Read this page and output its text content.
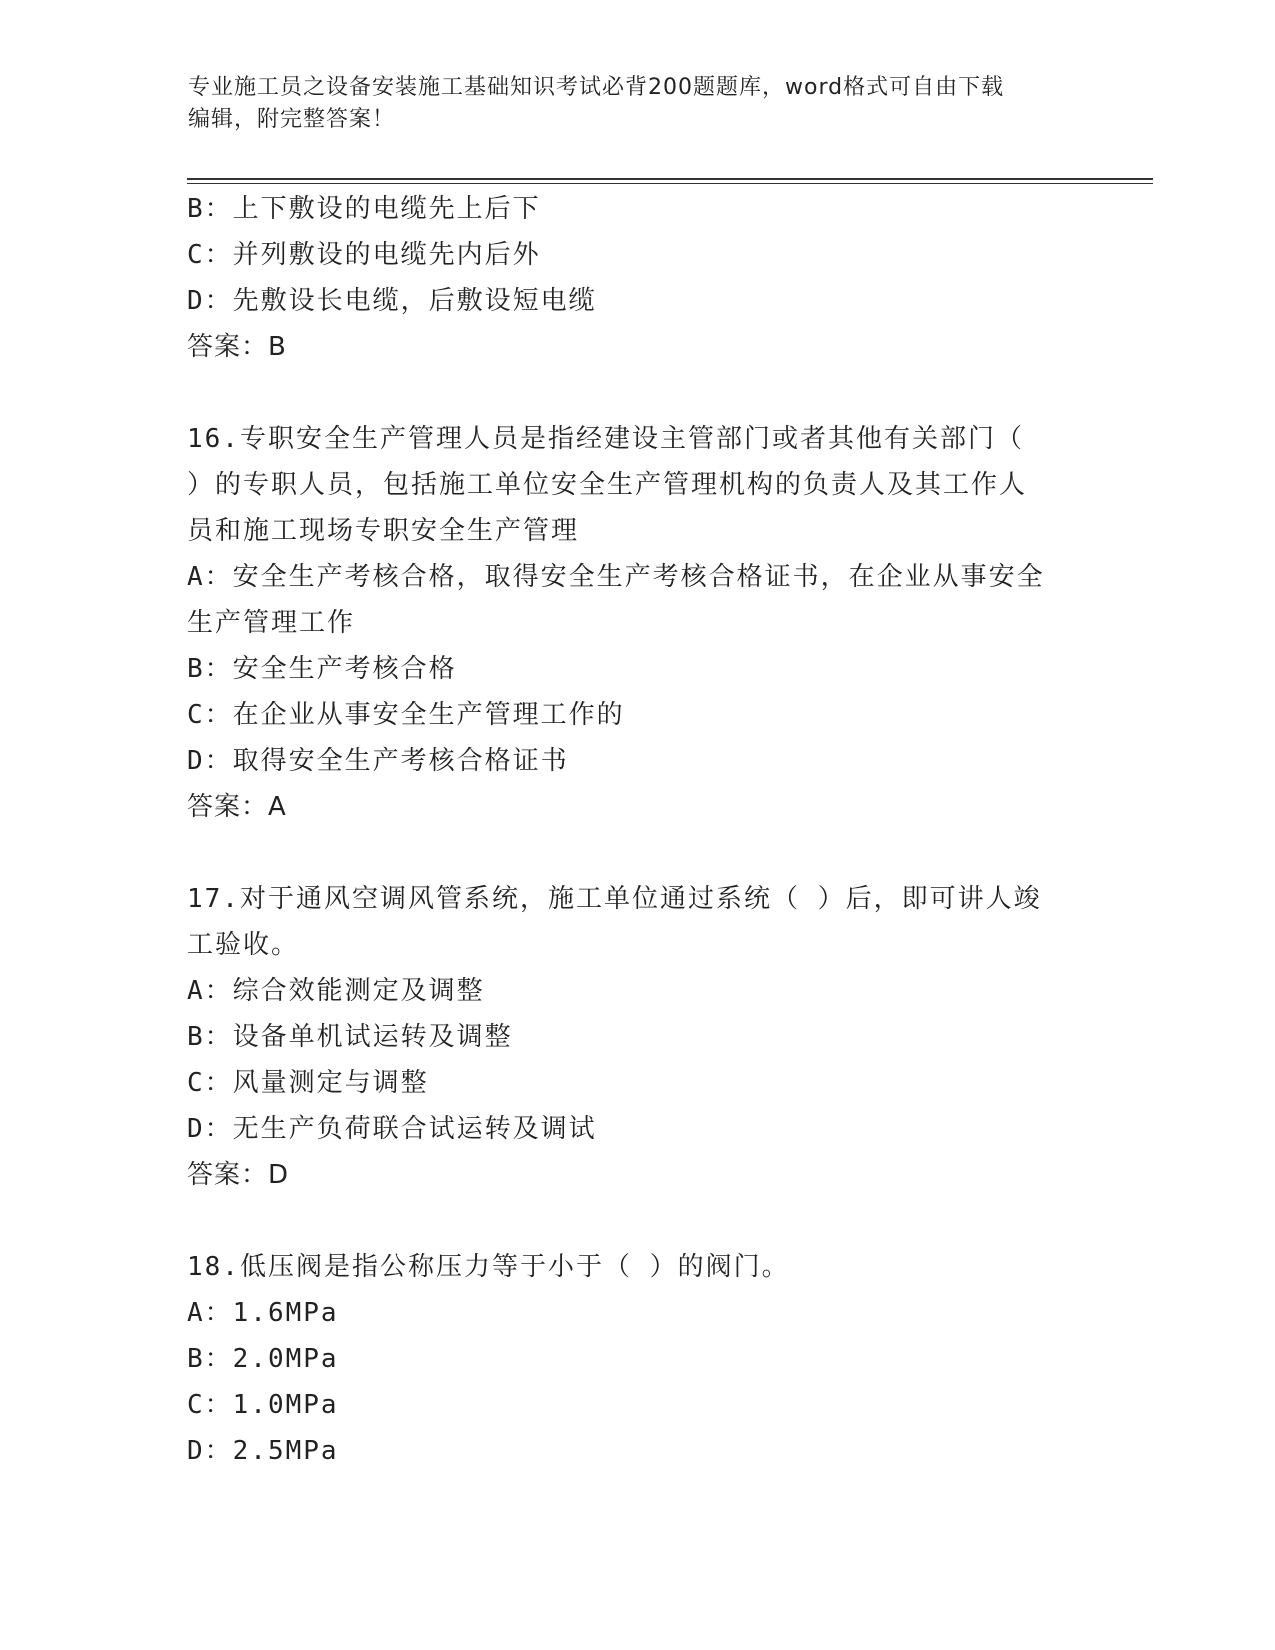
专业施工员之设备安装施工基础知识考试必背200题题库，word格式可自由下载
编辑，附完整答案！
B：上下敷设的电缆先上后下
C：并列敷设的电缆先内后外
D：先敷设长电缆，后敷设短电缆
答案：B
16.专职安全生产管理人员是指经建设主管部门或者其他有关部门（
）的专职人员，包括施工单位安全生产管理机构的负责人及其工作人
员和施工现场专职安全生产管理
A：安全生产考核合格，取得安全生产考核合格证书，在企业从事安全
生产管理工作
B：安全生产考核合格
C：在企业从事安全生产管理工作的
D：取得安全生产考核合格证书
答案：A
17.对于通风空调风管系统，施工单位通过系统（ ）后，即可讲人竣
工验收。
A：综合效能测定及调整
B：设备单机试运转及调整
C：风量测定与调整
D：无生产负荷联合试运转及调试
答案：D
18.低压阀是指公称压力等于小于（ ）的阀门。
A：1.6MPa
B：2.0MPa
C：1.0MPa
D：2.5MPa
